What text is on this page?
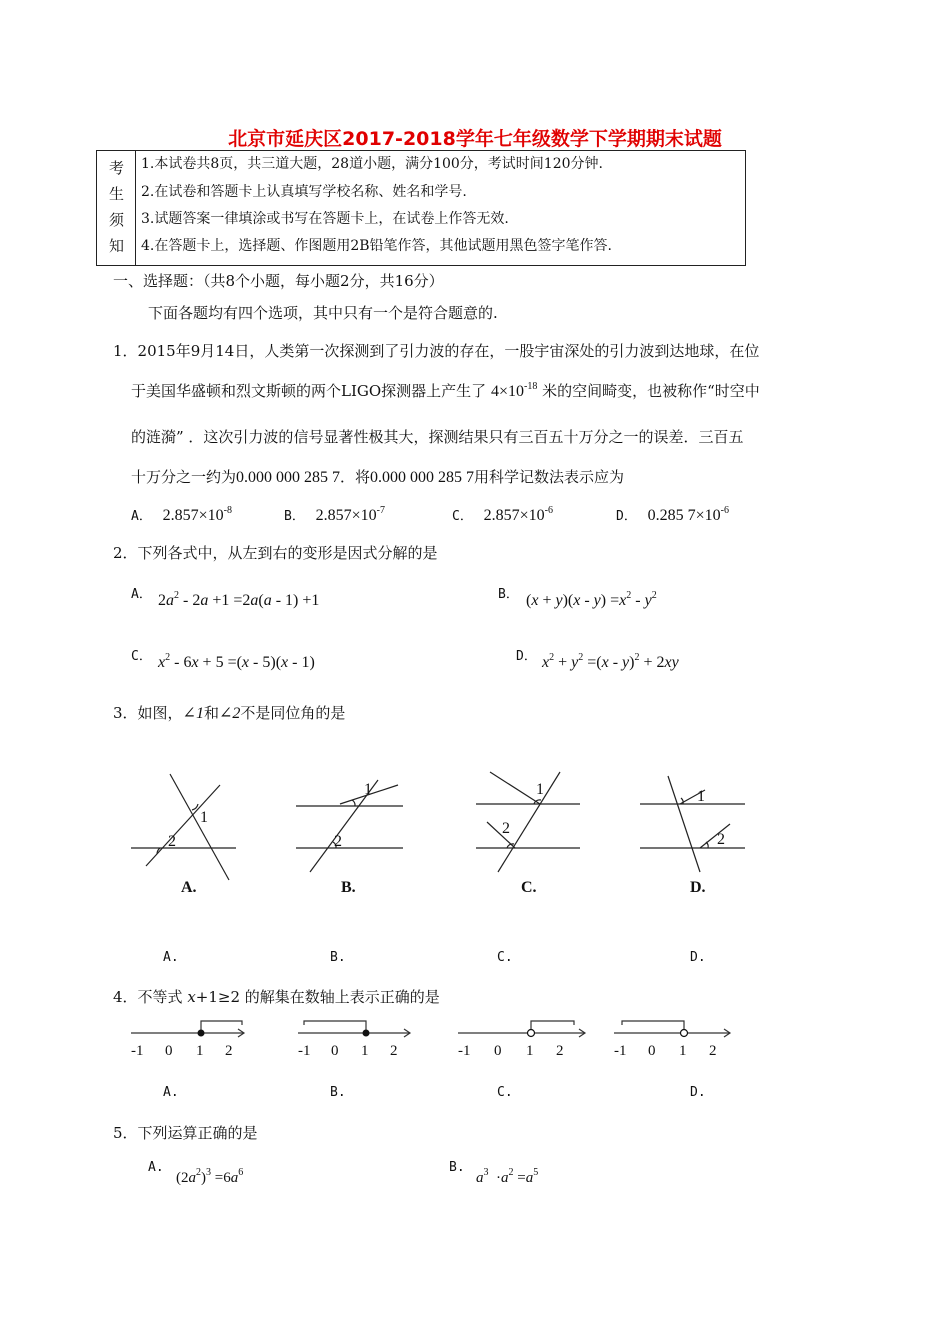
北京市延庆区2017-2018学年七年级数学下学期期末试题
考
生
须
知
1.本试卷共8页，共三道大题，28道小题，满分100分，考试时间120分钟.
2.在试卷和答题卡上认真填写学校名称、姓名和学号.
3.试题答案一律填涂或书写在答题卡上，在试卷上作答无效.
4.在答题卡上，选择题、作图题用2B铅笔作答，其他试题用黑色签字笔作答.
一、选择题：（共8个小题，每小题2分，共16分）
下面各题均有四个选项，其中只有一个是符合题意的.
1．2015年9月14日，人类第一次探测到了引力波的存在，一股宇宙深处的引力波到达地球，在位
于美国华盛顿和烈文斯顿的两个LIGO探测器上产生了 $4\times 10^{-18}$ 米的空间畸变，也被称作“时空中
的涟漪” ．这次引力波的信号显著性极其大，探测结果只有三百五十万分之一的误差．三百五
十万分之一约为0.000 000 285 7．将0.000 000 285 7用科学记数法表示应为
A． $2.857\times 10^{-8}$	B． $2.857\times 10^{-7}$	C． $2.857\times 10^{-6}$	D． 0.285 $7\times 10^{-6}$
2．下列各式中，从左到右的变形是因式分解的是
A． $2a^2 - 2a +1 =2a(a - 1) +1$	B． $(x + y)(x - y) =x^2 - y^2$
C． $x^2 - 6x + 5 =(x - 5)(x - 1)$	D． $x^2 + y^2 =(x - y)^2 + 2xy$
3．如图，∠1和∠2不是同位角的是
1
2
1
2
1
2
1
2
A.	B.	C.	D.
A.	B.	C.	D.
4．不等式 x+1≥2 的解集在数轴上表示正确的是
-1 0 1 2	-1 0 1 2	-1 0 1 2	-1 0 1 2
A.	B.	C.	D.
5．下列运算正确的是
A.
$(2a^2)^3 =6a^6$	B.
$a^3 \cdot a^2 =a^5$
